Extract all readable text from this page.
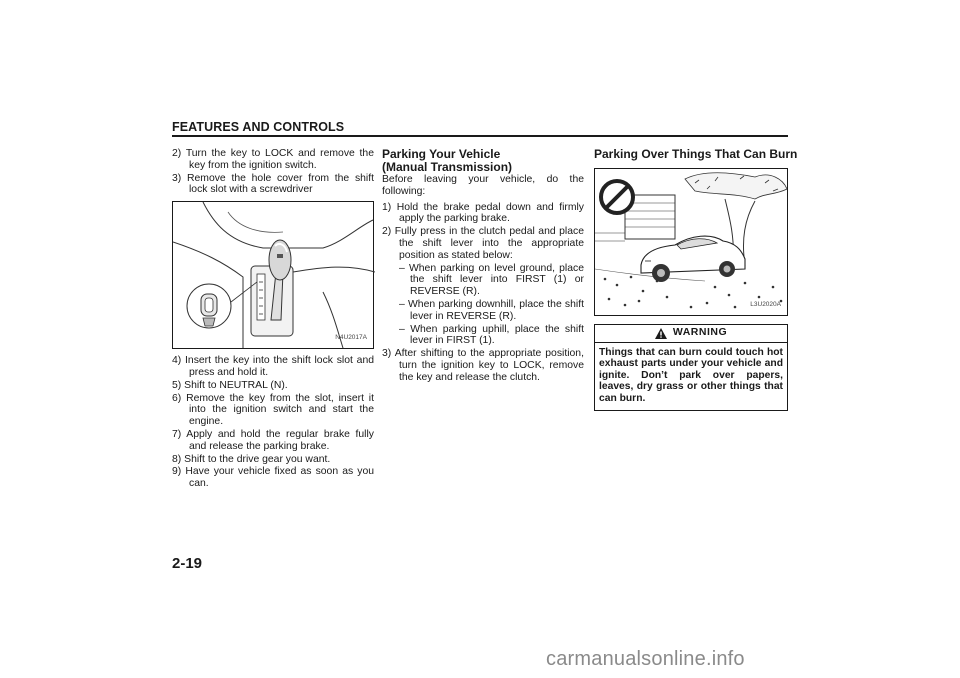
FEATURES AND CONTROLS

2) Turn the key to LOCK and remove the key from the ignition switch.

3) Remove the hole cover from the shift lock slot with a screwdriver

N4U2017A

4) Insert the key into the shift lock slot and press and hold it.

5) Shift to NEUTRAL (N).

6) Remove the key from the slot, insert it into the ignition switch and start the engine.

7) Apply and hold the regular brake fully and release the parking brake.

8) Shift to the drive gear you want.

9) Have your vehicle fixed as soon as you can.

Parking Your Vehicle
(Manual Transmission)

Before leaving your vehicle, do the following:

1) Hold the brake pedal down and firmly apply the parking brake.

2) Fully press in the clutch pedal and place the shift lever into the appropriate position as stated below:

– When parking on level ground, place the shift lever into FIRST (1) or REVERSE (R).

– When parking downhill, place the shift lever in REVERSE (R).

– When parking uphill, place the shift lever in FIRST (1).

3) After shifting to the appropriate position, turn the ignition key to LOCK, remove the key and release the clutch.

Parking Over Things That Can Burn
L3U2020A
WARNING
Things that can burn could touch hot exhaust parts under your vehicle and ignite. Don’t park over papers, leaves, dry grass or other things that can burn.
2-19
carmanualsonline.info
